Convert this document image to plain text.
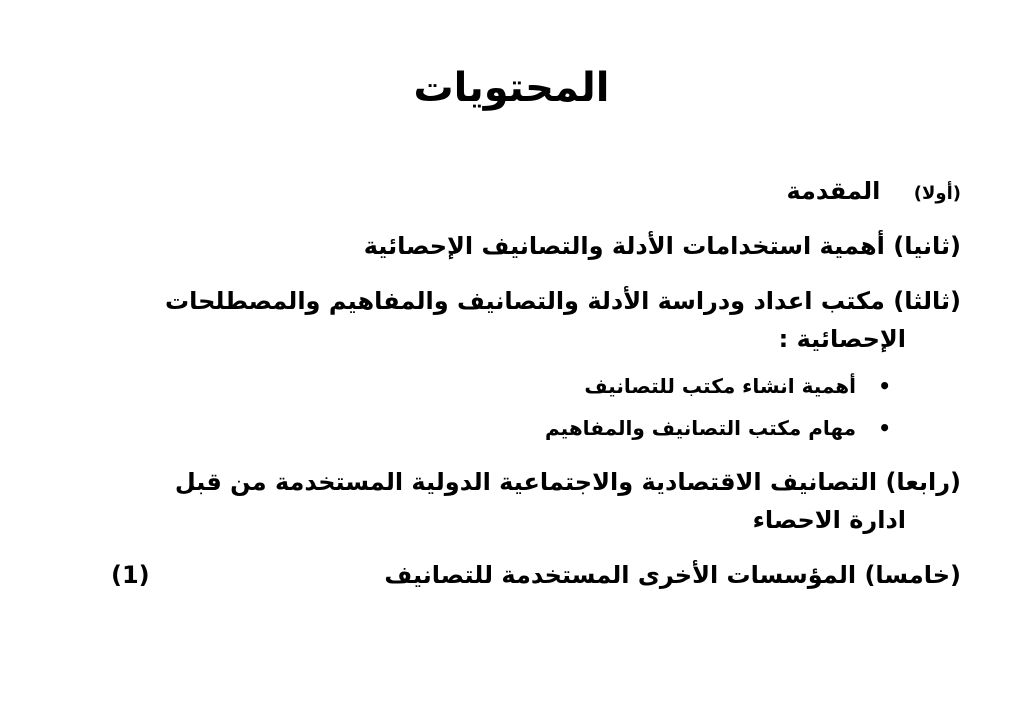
المحتويات
(أولا)    المقدمة
(ثانيا) أهمية استخدامات الأدلة والتصانيف الإحصائية
(ثالثا) مكتب اعداد ودراسة الأدلة والتصانيف والمفاهيم والمصطلحات
الإحصائية :
• أهمية انشاء مكتب للتصانيف
• مهام مكتب التصانيف والمفاهيم
(رابعا) التصانيف الاقتصادية والاجتماعية الدولية المستخدمة من قبل
ادارة الاحصاء
(خامسا) المؤسسات الأخرى المستخدمة للتصانيف
(1)
